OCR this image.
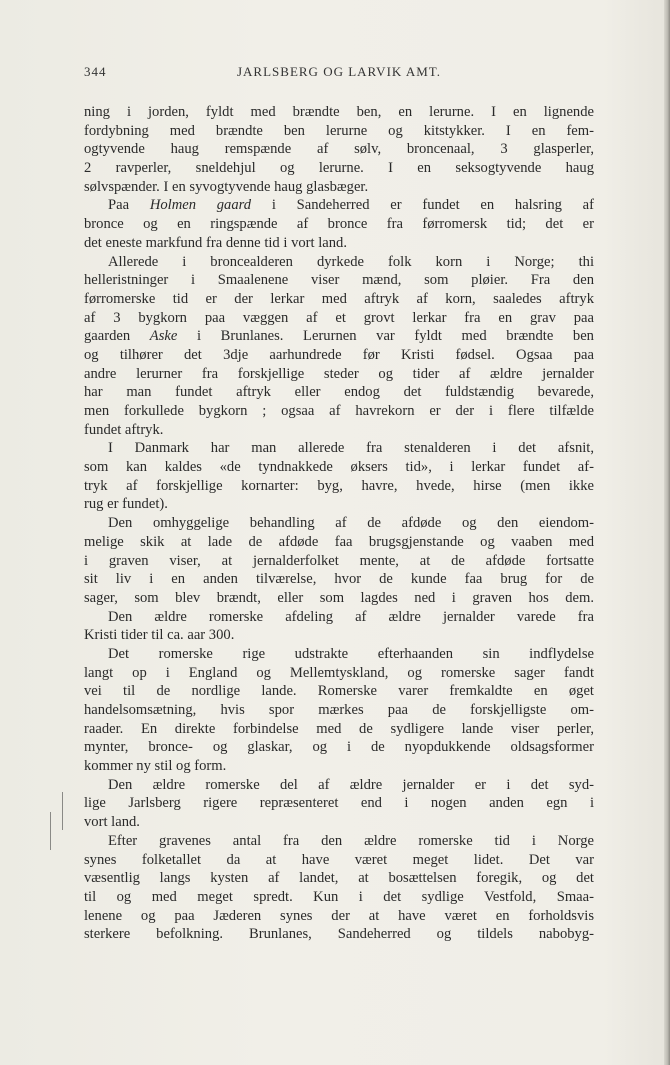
344	JARLSBERG OG LARVIK AMT.
ning i jorden, fyldt med brændte ben, en lerurne. I en lignende
fordybning med brændte ben lerurne og kitstykker. I en fem-
ogtyvende haug remspænde af sølv, broncenaal, 3 glasperler,
2 ravperler, sneldehjul og lerurne. I en seksogtyvende haug
sølvspænder. I en syvogtyvende haug glasbæger.
Paa Holmen gaard i Sandeherred er fundet en halsring af
bronce og en ringspænde af bronce fra førromersk tid; det er
det eneste markfund fra denne tid i vort land.
Allerede i broncealderen dyrkede folk korn i Norge; thi
helleristninger i Smaalenene viser mænd, som pløier. Fra den
førromerske tid er der lerkar med aftryk af korn, saaledes aftryk
af 3 bygkorn paa væggen af et grovt lerkar fra en grav paa
gaarden Aske i Brunlanes. Lerurnen var fyldt med brændte ben
og tilhører det 3dje aarhundrede før Kristi fødsel. Ogsaa paa
andre lerurner fra forskjellige steder og tider af ældre jernalder
har man fundet aftryk eller endog det fuldstændig bevarede,
men forkullede bygkorn ; ogsaa af havrekorn er der i flere tilfælde
fundet aftryk.
I Danmark har man allerede fra stenalderen i det afsnit,
som kan kaldes «de tyndnakkede øksers tid», i lerkar fundet af-
tryk af forskjellige kornarter: byg, havre, hvede, hirse (men ikke
rug er fundet).
Den omhyggelige behandling af de afdøde og den eiendom-
melige skik at lade de afdøde faa brugsgjenstande og vaaben med
i graven viser, at jernalderfolket mente, at de afdøde fortsatte
sit liv i en anden tilværelse, hvor de kunde faa brug for de
sager, som blev brændt, eller som lagdes ned i graven hos dem.
Den ældre romerske afdeling af ældre jernalder varede fra
Kristi tider til ca. aar 300.
Det romerske rige udstrakte efterhaanden sin indflydelse
langt op i England og Mellemtyskland, og romerske sager fandt
vei til de nordlige lande. Romerske varer fremkaldte en øget
handelsomsætning, hvis spor mærkes paa de forskjelligste om-
raader. En direkte forbindelse med de sydligere lande viser perler,
mynter, bronce- og glaskar, og i de nyopdukkende oldsagsformer
kommer ny stil og form.
Den ældre romerske del af ældre jernalder er i det syd-
lige Jarlsberg rigere repræsenteret end i nogen anden egn i
vort land.
Efter gravenes antal fra den ældre romerske tid i Norge
synes folketallet da at have været meget lidet. Det var
væsentlig langs kysten af landet, at bosættelsen foregik, og det
til og med meget spredt. Kun i det sydlige Vestfold, Smaa-
lenene og paa Jæderen synes der at have været en forholdsvis
sterkere befolkning. Brunlanes, Sandeherred og tildels nabobyg-
